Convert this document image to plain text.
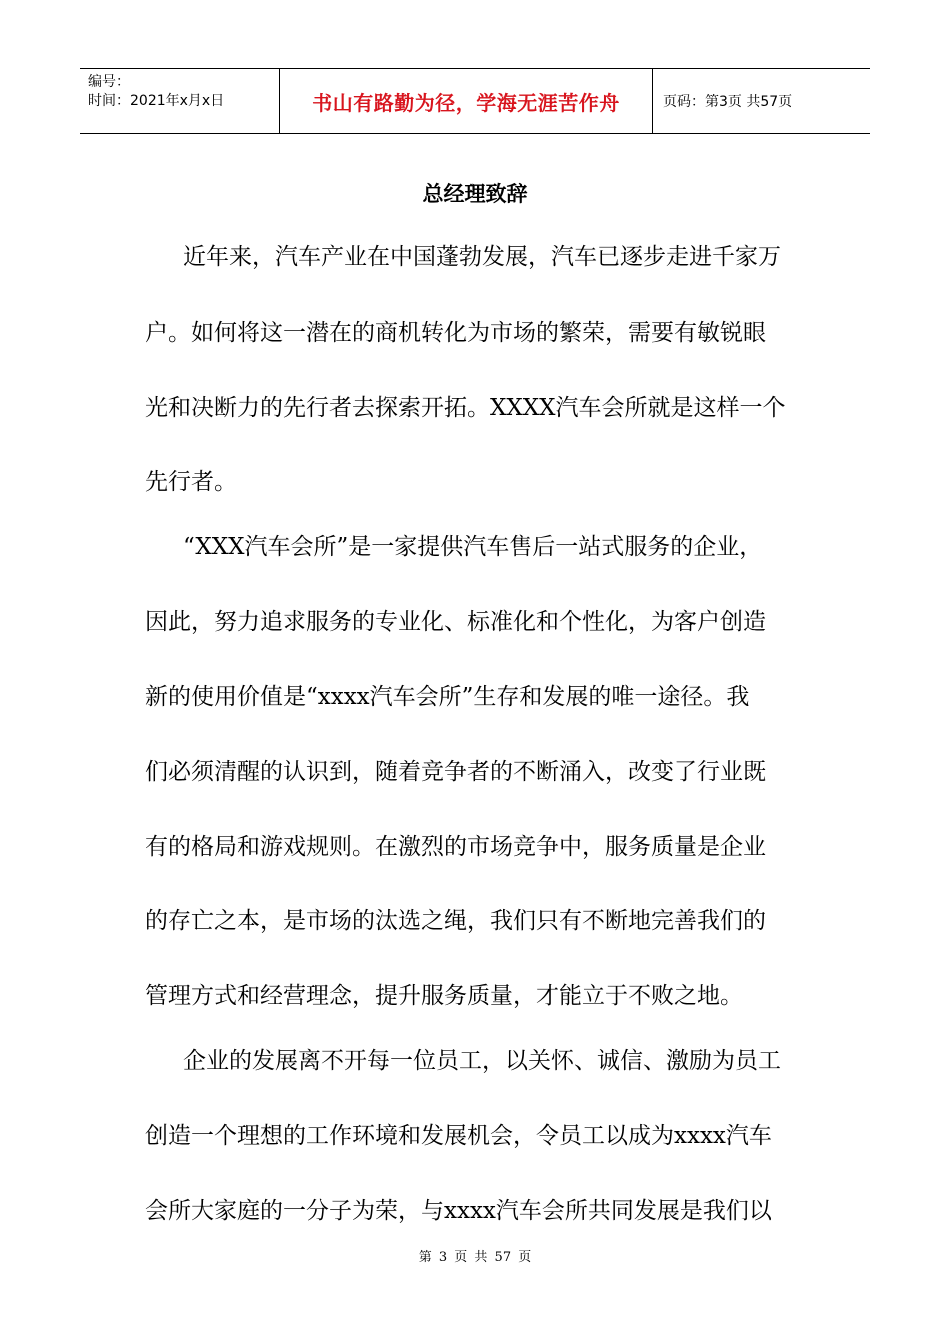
编号：
时间：2021年x月x日	书山有路勤为径，学海无涯苦作舟	页码：第3页 共57页
总经理致辞
近年来，汽车产业在中国蓬勃发展，汽车已逐步走进千家万
户。如何将这一潜在的商机转化为市场的繁荣，需要有敏锐眼
光和决断力的先行者去探索开拓。XXXX汽车会所就是这样一个
先行者。
“XXX汽车会所”是一家提供汽车售后一站式服务的企业，
因此，努力追求服务的专业化、标准化和个性化，为客户创造
新的使用价值是“xxxx汽车会所”生存和发展的唯一途径。我
们必须清醒的认识到，随着竞争者的不断涌入，改变了行业既
有的格局和游戏规则。在激烈的市场竞争中，服务质量是企业
的存亡之本，是市场的汰选之绳，我们只有不断地完善我们的
管理方式和经营理念，提升服务质量，才能立于不败之地。
企业的发展离不开每一位员工，以关怀、诚信、激励为员工
创造一个理想的工作环境和发展机会，令员工以成为xxxx汽车
会所大家庭的一分子为荣，与xxxx汽车会所共同发展是我们以
第 3 页 共 57 页
